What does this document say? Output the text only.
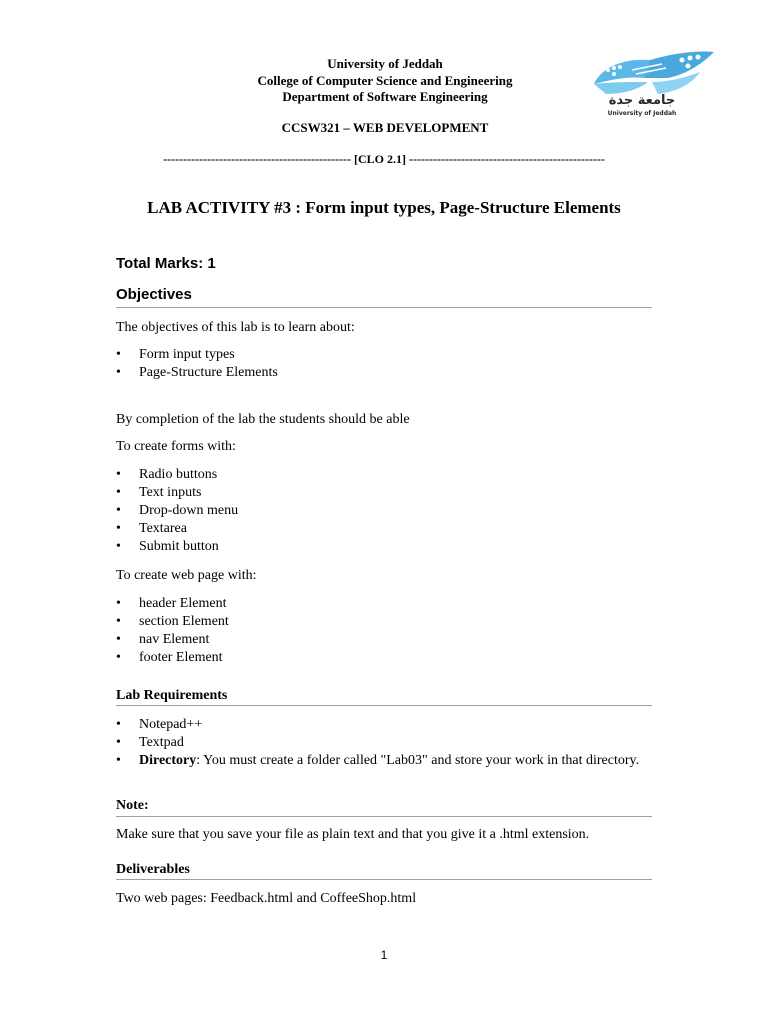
University of Jeddah
College of Computer Science and Engineering
Department of Software Engineering
CCSW321 – WEB DEVELOPMENT
جامعة جدة
University of Jeddah
----------------------------------------------- [CLO 2.1] -------------------------------------------------
LAB ACTIVITY #3 : Form input types, Page-Structure Elements
Total Marks: 1
Objectives
The objectives of this lab is to learn about:
• Form input types
• Page-Structure Elements
By completion of the lab the students should be able
To create forms with:
• Radio buttons
• Text inputs
• Drop-down menu
• Textarea
• Submit button
To create web page with:
• header Element
• section Element
• nav Element
• footer Element
Lab Requirements
• Notepad++
• Textpad
• Directory: You must create a folder called "Lab03" and store your work in that directory.
Note:
Make sure that you save your file as plain text and that you give it a .html extension.
Deliverables
Two web pages: Feedback.html and CoffeeShop.html
1
